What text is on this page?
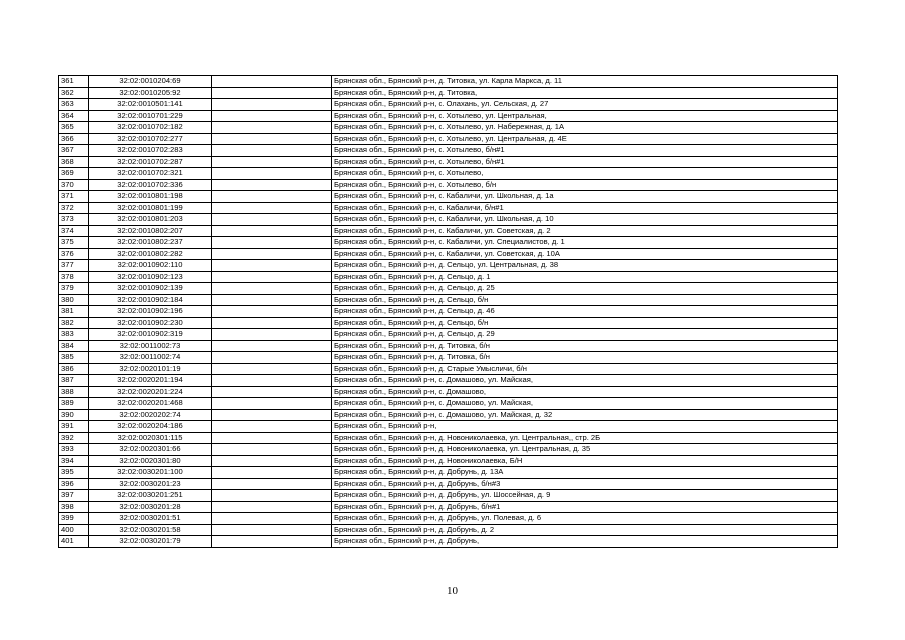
361	32:02:0010204:69		Брянская обл., Брянский р-н, д. Титовка, ул. Карла Маркса, д. 11
362	32:02:0010205:92		Брянская обл., Брянский р-н, д. Титовка,
363	32:02:0010501:141		Брянская обл., Брянский р-н, с. Олахань, ул. Сельская, д. 27
364	32:02:0010701:229		Брянская обл., Брянский р-н, с. Хотылево, ул. Центральная,
365	32:02:0010702:182		Брянская обл., Брянский р-н, с. Хотылево, ул. Набережная, д. 1А
366	32:02:0010702:277		Брянская обл., Брянский р-н, с. Хотылево, ул. Центральная, д. 4Е
367	32:02:0010702:283		Брянская обл., Брянский р-н, с. Хотылево, б/н#1
368	32:02:0010702:287		Брянская обл., Брянский р-н, с. Хотылево, б/н#1
369	32:02:0010702:321		Брянская обл., Брянский р-н, с. Хотылево,
370	32:02:0010702:336		Брянская обл., Брянский р-н, с. Хотылево, б/н
371	32:02:0010801:198		Брянская обл., Брянский р-н, с. Кабаличи, ул. Школьная, д. 1а
372	32:02:0010801:199		Брянская обл., Брянский р-н, с. Кабаличи, б/н#1
373	32:02:0010801:203		Брянская обл., Брянский р-н, с. Кабаличи, ул. Школьная, д. 10
374	32:02:0010802:207		Брянская обл., Брянский р-н, с. Кабаличи, ул. Советская, д. 2
375	32:02:0010802:237		Брянская обл., Брянский р-н, с. Кабаличи, ул. Специалистов, д. 1
376	32:02:0010802:282		Брянская обл., Брянский р-н, с. Кабаличи, ул. Советская, д. 10А
377	32:02:0010902:110		Брянская обл., Брянский р-н, д. Сельцо, ул. Центральная, д. 38
378	32:02:0010902:123		Брянская обл., Брянский р-н, д. Сельцо, д. 1
379	32:02:0010902:139		Брянская обл., Брянский р-н, д. Сельцо, д. 25
380	32:02:0010902:184		Брянская обл., Брянский р-н, д. Сельцо, б/н
381	32:02:0010902:196		Брянская обл., Брянский р-н, д. Сельцо, д. 46
382	32:02:0010902:230		Брянская обл., Брянский р-н, д. Сельцо, б/н
383	32:02:0010902:319		Брянская обл., Брянский р-н, д. Сельцо, д. 29
384	32:02:0011002:73		Брянская обл., Брянский р-н, д. Титовка, б/н
385	32:02:0011002:74		Брянская обл., Брянский р-н, д. Титовка, б/н
386	32:02:0020101:19		Брянская обл., Брянский р-н, д. Старые Умысличи, б/н
387	32:02:0020201:194		Брянская обл., Брянский р-н, с. Домашово, ул. Майская,
388	32:02:0020201:224		Брянская обл., Брянский р-н, с. Домашово,
389	32:02:0020201:468		Брянская обл., Брянский р-н, с. Домашово, ул. Майская,
390	32:02:0020202:74		Брянская обл., Брянский р-н, с. Домашово, ул. Майская, д. 32
391	32:02:0020204:186		Брянская обл., Брянский р-н,
392	32:02:0020301:115		Брянская обл., Брянский р-н, д. Новониколаевка, ул. Центральная,, стр. 2Б
393	32:02:0020301:66		Брянская обл., Брянский р-н, д. Новониколаевка, ул. Центральная, д. 35
394	32:02:0020301:80		Брянская обл., Брянский р-н, д. Новониколаевка, Б/Н
395	32:02:0030201:100		Брянская обл., Брянский р-н, д. Добрунь, д. 13А
396	32:02:0030201:23		Брянская обл., Брянский р-н, д. Добрунь, б/н#3
397	32:02:0030201:251		Брянская обл., Брянский р-н, д. Добрунь, ул. Шоссейная, д. 9
398	32:02:0030201:28		Брянская обл., Брянский р-н, д. Добрунь, б/н#1
399	32:02:0030201:51		Брянская обл., Брянский р-н, д. Добрунь, ул. Полевая, д. 6
400	32:02:0030201:58		Брянская обл., Брянский р-н, д. Добрунь, д. 2
401	32:02:0030201:79		Брянская обл., Брянский р-н, д. Добрунь,
10
